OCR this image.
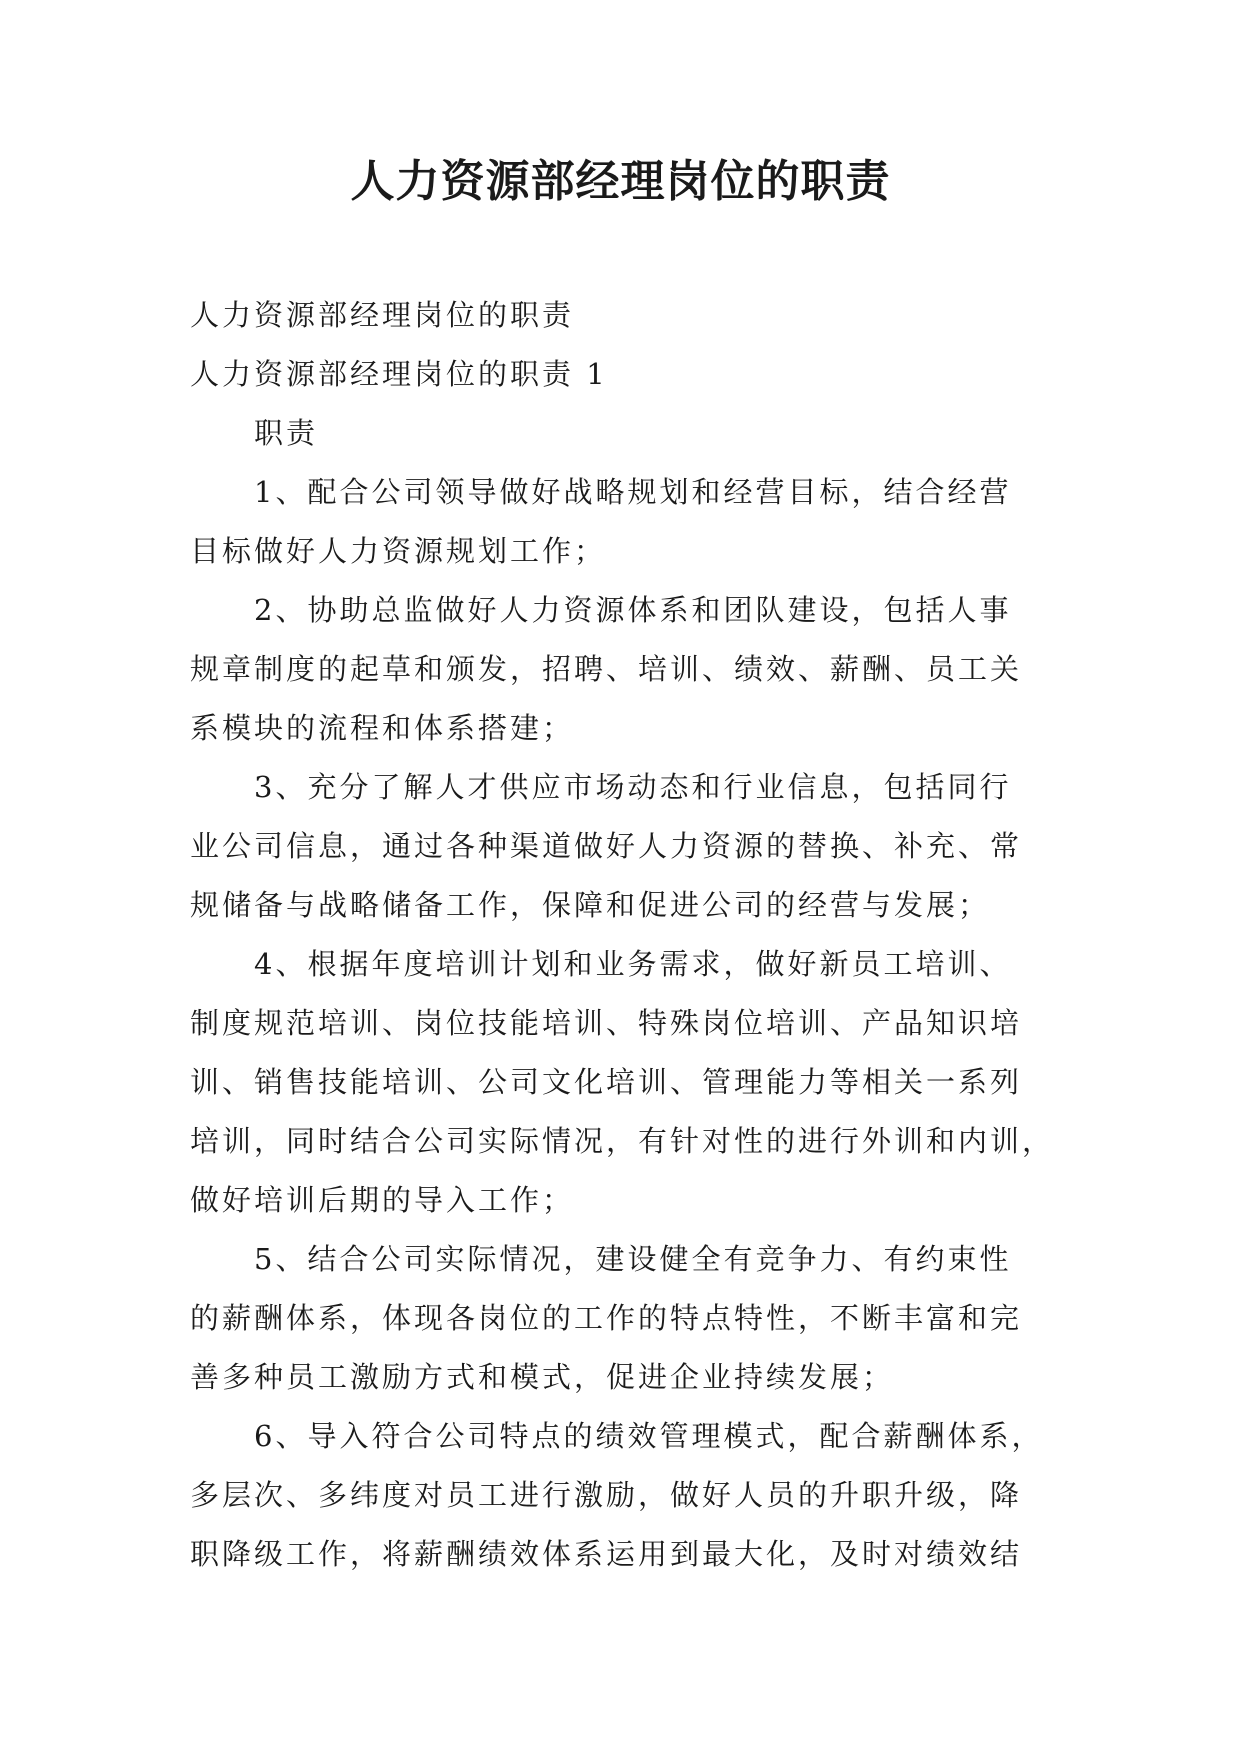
人力资源部经理岗位的职责

人力资源部经理岗位的职责

人力资源部经理岗位的职责 1

职责

1、配合公司领导做好战略规划和经营目标，结合经营

目标做好人力资源规划工作；

2、协助总监做好人力资源体系和团队建设，包括人事

规章制度的起草和颁发，招聘、培训、绩效、薪酬、员工关

系模块的流程和体系搭建；

3、充分了解人才供应市场动态和行业信息，包括同行

业公司信息，通过各种渠道做好人力资源的替换、补充、常

规储备与战略储备工作，保障和促进公司的经营与发展；

4、根据年度培训计划和业务需求，做好新员工培训、

制度规范培训、岗位技能培训、特殊岗位培训、产品知识培

训、销售技能培训、公司文化培训、管理能力等相关一系列

培训，同时结合公司实际情况，有针对性的进行外训和内训，

做好培训后期的导入工作；

5、结合公司实际情况，建设健全有竞争力、有约束性

的薪酬体系，体现各岗位的工作的特点特性，不断丰富和完

善多种员工激励方式和模式，促进企业持续发展；

6、导入符合公司特点的绩效管理模式，配合薪酬体系，

多层次、多纬度对员工进行激励，做好人员的升职升级，降

职降级工作，将薪酬绩效体系运用到最大化，及时对绩效结
